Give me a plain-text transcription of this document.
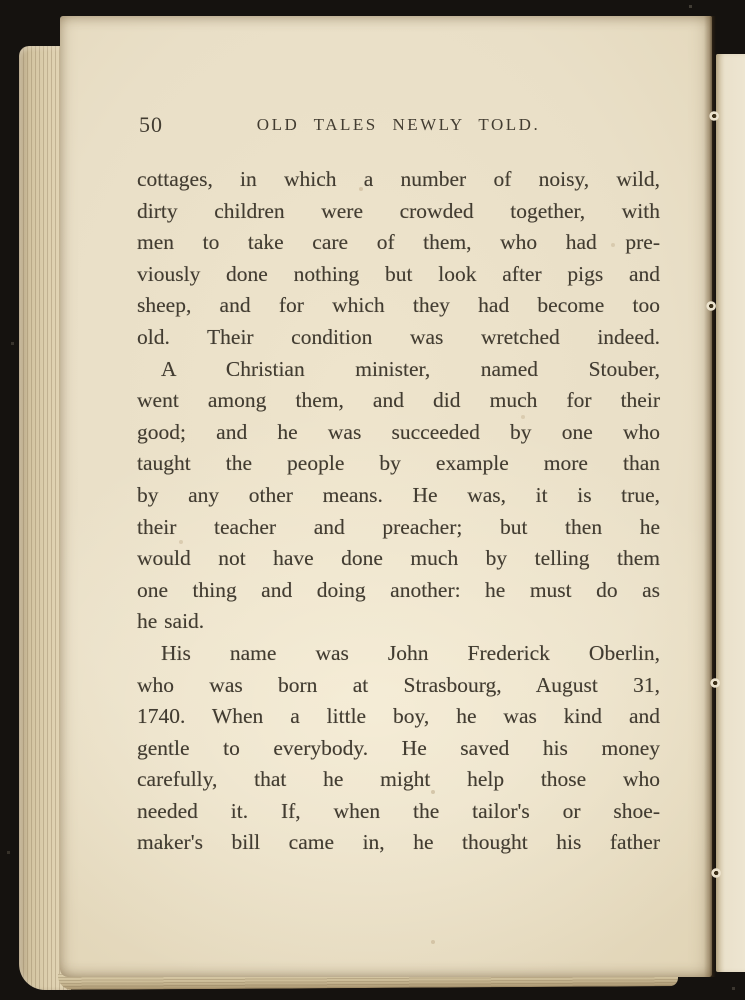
50	OLD TALES NEWLY TOLD.
cottages, in which a number of noisy, wild,
dirty children were crowded together, with
men to take care of them, who had pre-
viously done nothing but look after pigs and
sheep, and for which they had become too
old. Their condition was wretched indeed.
A Christian minister, named Stouber,
went among them, and did much for their
good; and he was succeeded by one who
taught the people by example more than
by any other means. He was, it is true,
their teacher and preacher; but then he
would not have done much by telling them
one thing and doing another: he must do as
he said.
His name was John Frederick Oberlin,
who was born at Strasbourg, August 31,
1740. When a little boy, he was kind and
gentle to everybody. He saved his money
carefully, that he might help those who
needed it. If, when the tailor's or shoe-
maker's bill came in, he thought his father
